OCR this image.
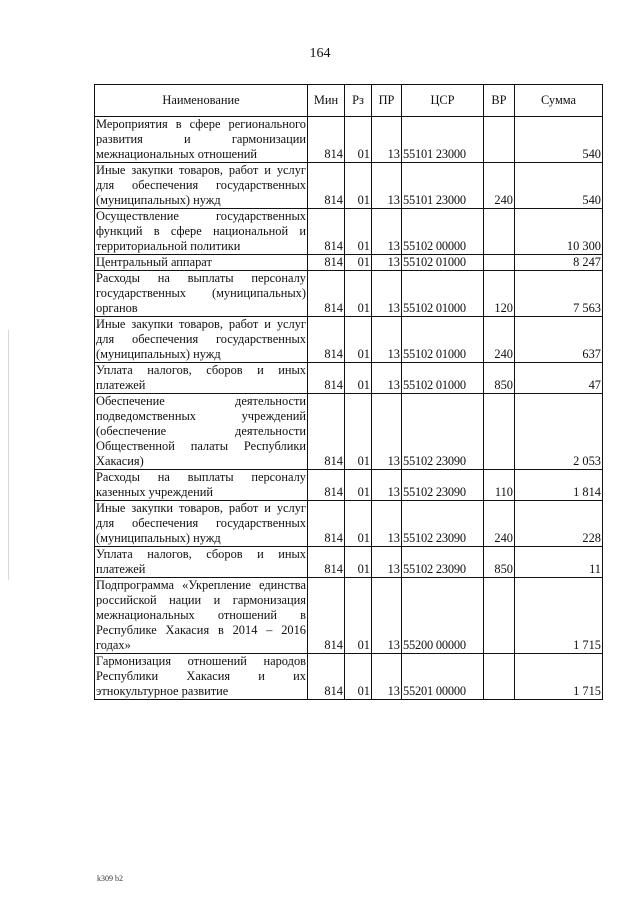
164
Наименование	Мин	Рз	ПР	ЦСР	ВР	Сумма
Мероприятия в сфере регионального развития и гармонизации межнациональных отношений	814	01	13	55101 23000		540
Иные закупки товаров, работ и услуг для обеспечения государственных (муниципальных) нужд	814	01	13	55101 23000	240	540
Осуществление государственных функций в сфере национальной и территориальной политики	814	01	13	55102 00000		10 300
Центральный аппарат	814	01	13	55102 01000		8 247
Расходы на выплаты персоналу государственных (муниципальных) органов	814	01	13	55102 01000	120	7 563
Иные закупки товаров, работ и услуг для обеспечения государственных (муниципальных) нужд	814	01	13	55102 01000	240	637
Уплата налогов, сборов и иных платежей	814	01	13	55102 01000	850	47
Обеспечение деятельности подведомственных учреждений (обеспечение деятельности Общественной палаты Республики Хакасия)	814	01	13	55102 23090		2 053
Расходы на выплаты персоналу казенных учреждений	814	01	13	55102 23090	110	1 814
Иные закупки товаров, работ и услуг для обеспечения государственных (муниципальных) нужд	814	01	13	55102 23090	240	228
Уплата налогов, сборов и иных платежей	814	01	13	55102 23090	850	11
Подпрограмма «Укрепление единства российской нации и гармонизация межнациональных отношений в Республике Хакасия в 2014 – 2016 годах»	814	01	13	55200 00000		1 715
Гармонизация отношений народов Республики Хакасия и их этнокультурное развитие	814	01	13	55201 00000		1 715
k309 b2
